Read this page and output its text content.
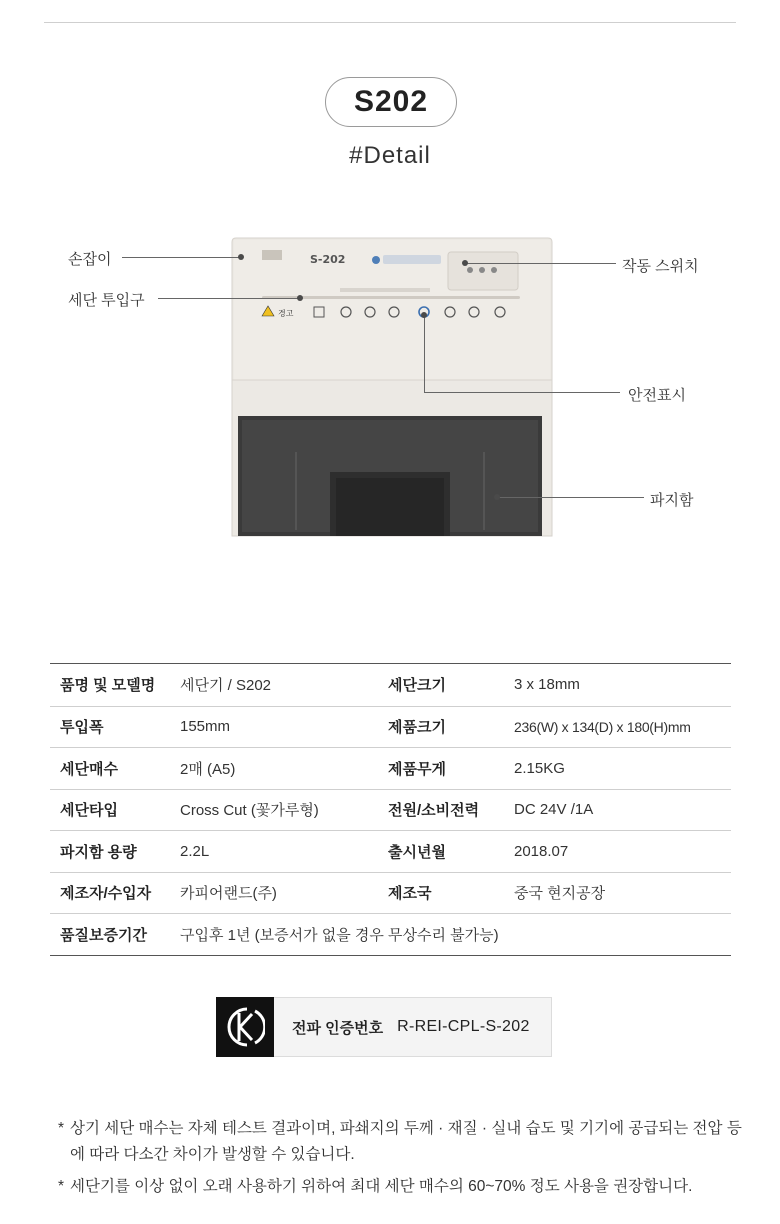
S202
#Detail
S-202
경고
손잡이
세단 투입구
작동 스위치
안전표시
파지함
품명 및 모델명	세단기 / S202	세단크기	3 x 18mm
투입폭	155mm	제품크기	236(W) x 134(D) x 180(H)mm
세단매수	2매 (A5)	제품무게	2.15KG
세단타입	Cross Cut (꽃가루형)	전원/소비전력	DC 24V /1A
파지함 용량	2.2L	출시년월	2018.07
제조자/수입자	카피어랜드(주)	제조국	중국 현지공장
품질보증기간	구입후 1년 (보증서가 없을 경우 무상수리 불가능)
전파 인증번호 R-REI-CPL-S-202
* 상기 세단 매수는 자체 테스트 결과이며, 파쇄지의 두께 · 재질 · 실내 습도 및 기기에 공급되는 전압 등에 따라 다소간 차이가 발생할 수 있습니다.
* 세단기를 이상 없이 오래 사용하기 위하여 최대 세단 매수의 60~70% 정도 사용을 권장합니다.
